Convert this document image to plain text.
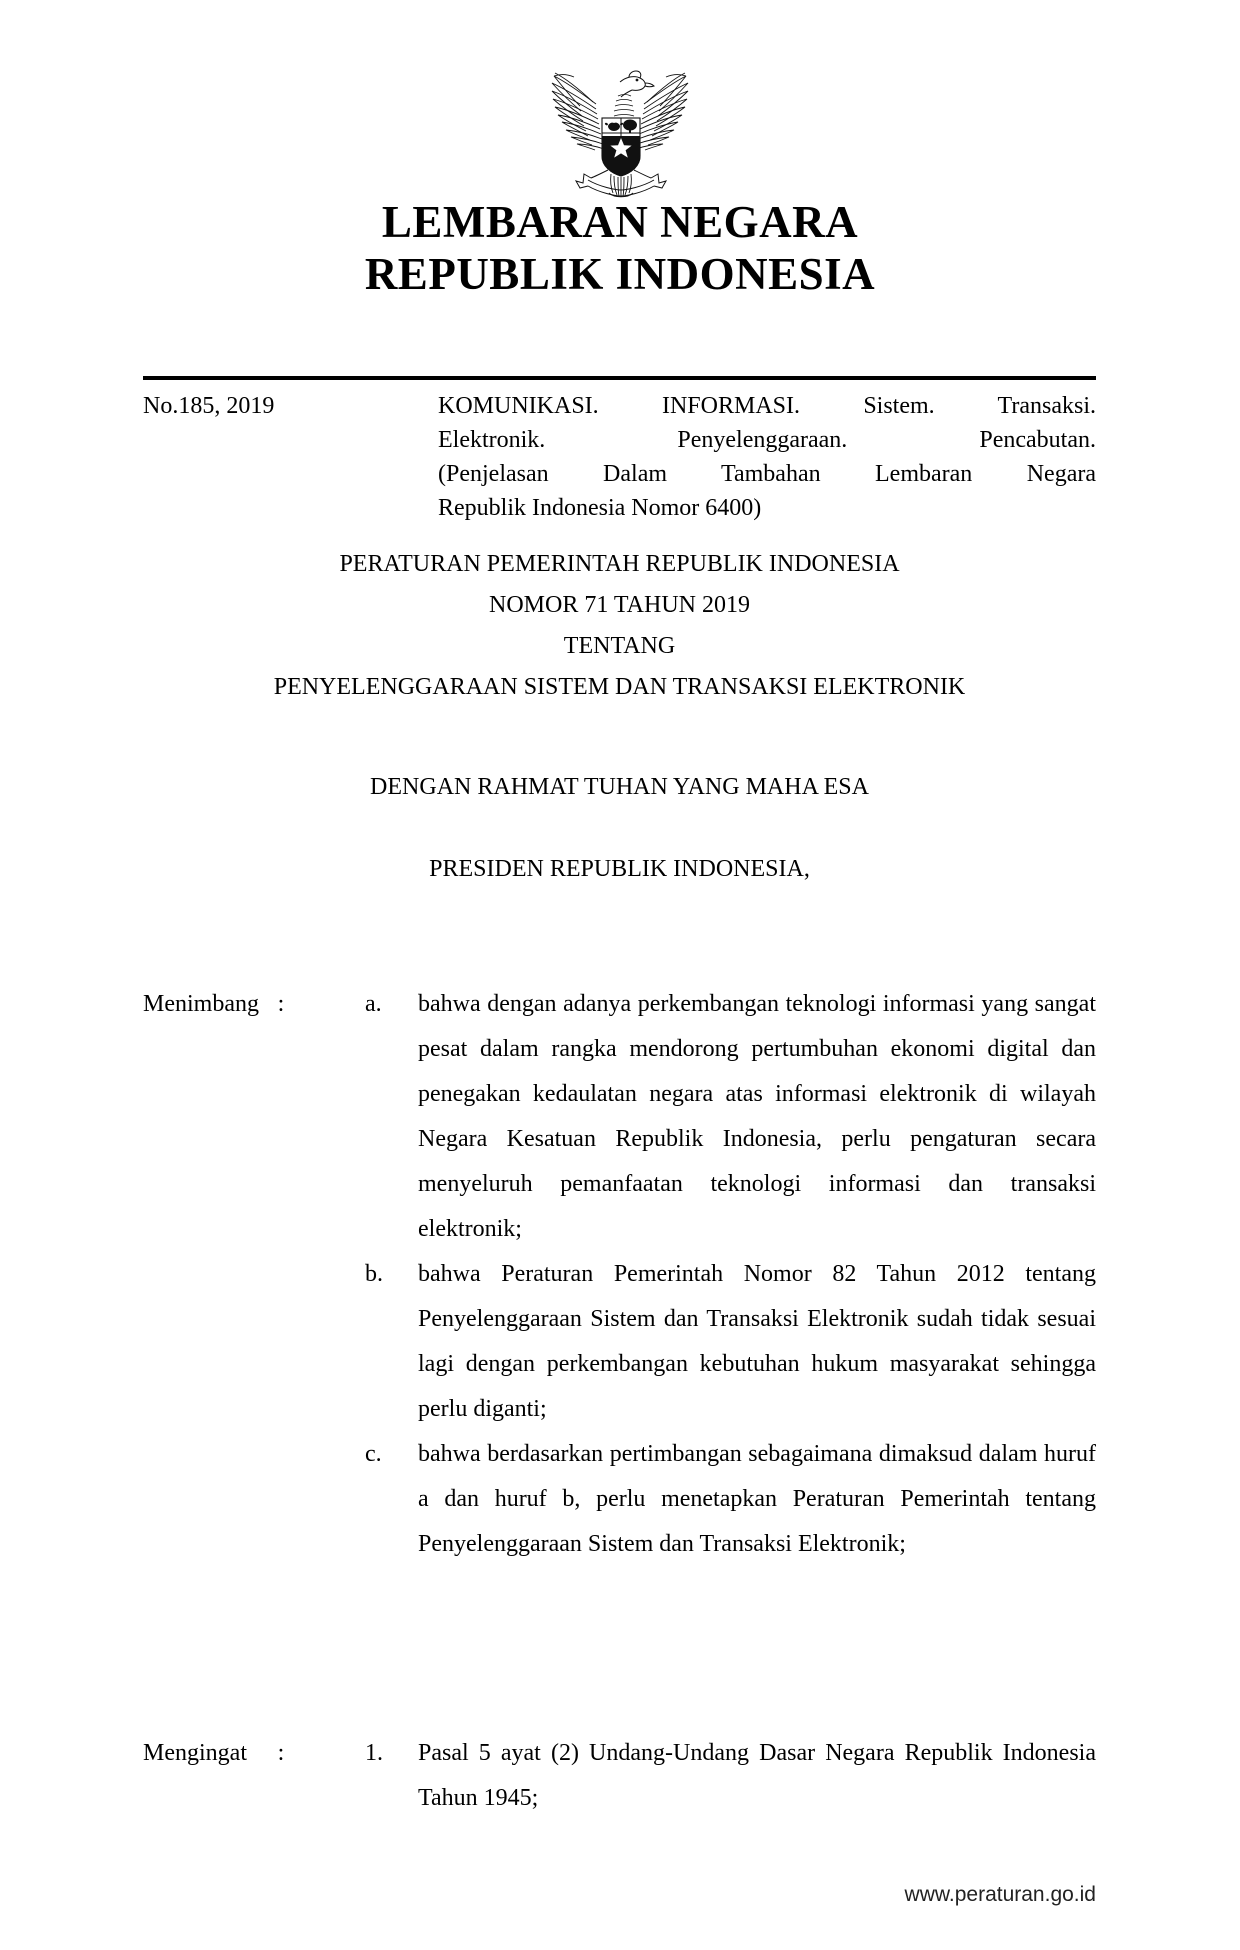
LEMBARAN NEGARA
REPUBLIK INDONESIA
No.185, 2019	KOMUNIKASI. INFORMASI. Sistem. Transaksi.
Elektronik. Penyelenggaraan. Pencabutan.
(Penjelasan Dalam Tambahan Lembaran Negara
Republik Indonesia Nomor 6400)
PERATURAN PEMERINTAH REPUBLIK INDONESIA
NOMOR 71 TAHUN 2019
TENTANG
PENYELENGGARAAN SISTEM DAN TRANSAKSI ELEKTRONIK
DENGAN RAHMAT TUHAN YANG MAHA ESA
PRESIDEN REPUBLIK INDONESIA,
Menimbang :	a.	bahwa dengan adanya perkembangan teknologi informasi yang sangat pesat dalam rangka mendorong pertumbuhan ekonomi digital dan penegakan kedaulatan negara atas informasi elektronik di wilayah Negara Kesatuan Republik Indonesia, perlu pengaturan secara menyeluruh pemanfaatan teknologi informasi dan transaksi elektronik;
b.	bahwa Peraturan Pemerintah Nomor 82 Tahun 2012 tentang Penyelenggaraan Sistem dan Transaksi Elektronik sudah tidak sesuai lagi dengan perkembangan kebutuhan hukum masyarakat sehingga perlu diganti;
c.	bahwa berdasarkan pertimbangan sebagaimana dimaksud dalam huruf a dan huruf b, perlu menetapkan Peraturan Pemerintah tentang Penyelenggaraan Sistem dan Transaksi Elektronik;
Mengingat	:	1.	Pasal 5 ayat (2) Undang-Undang Dasar Negara Republik Indonesia Tahun 1945;
www.peraturan.go.id
